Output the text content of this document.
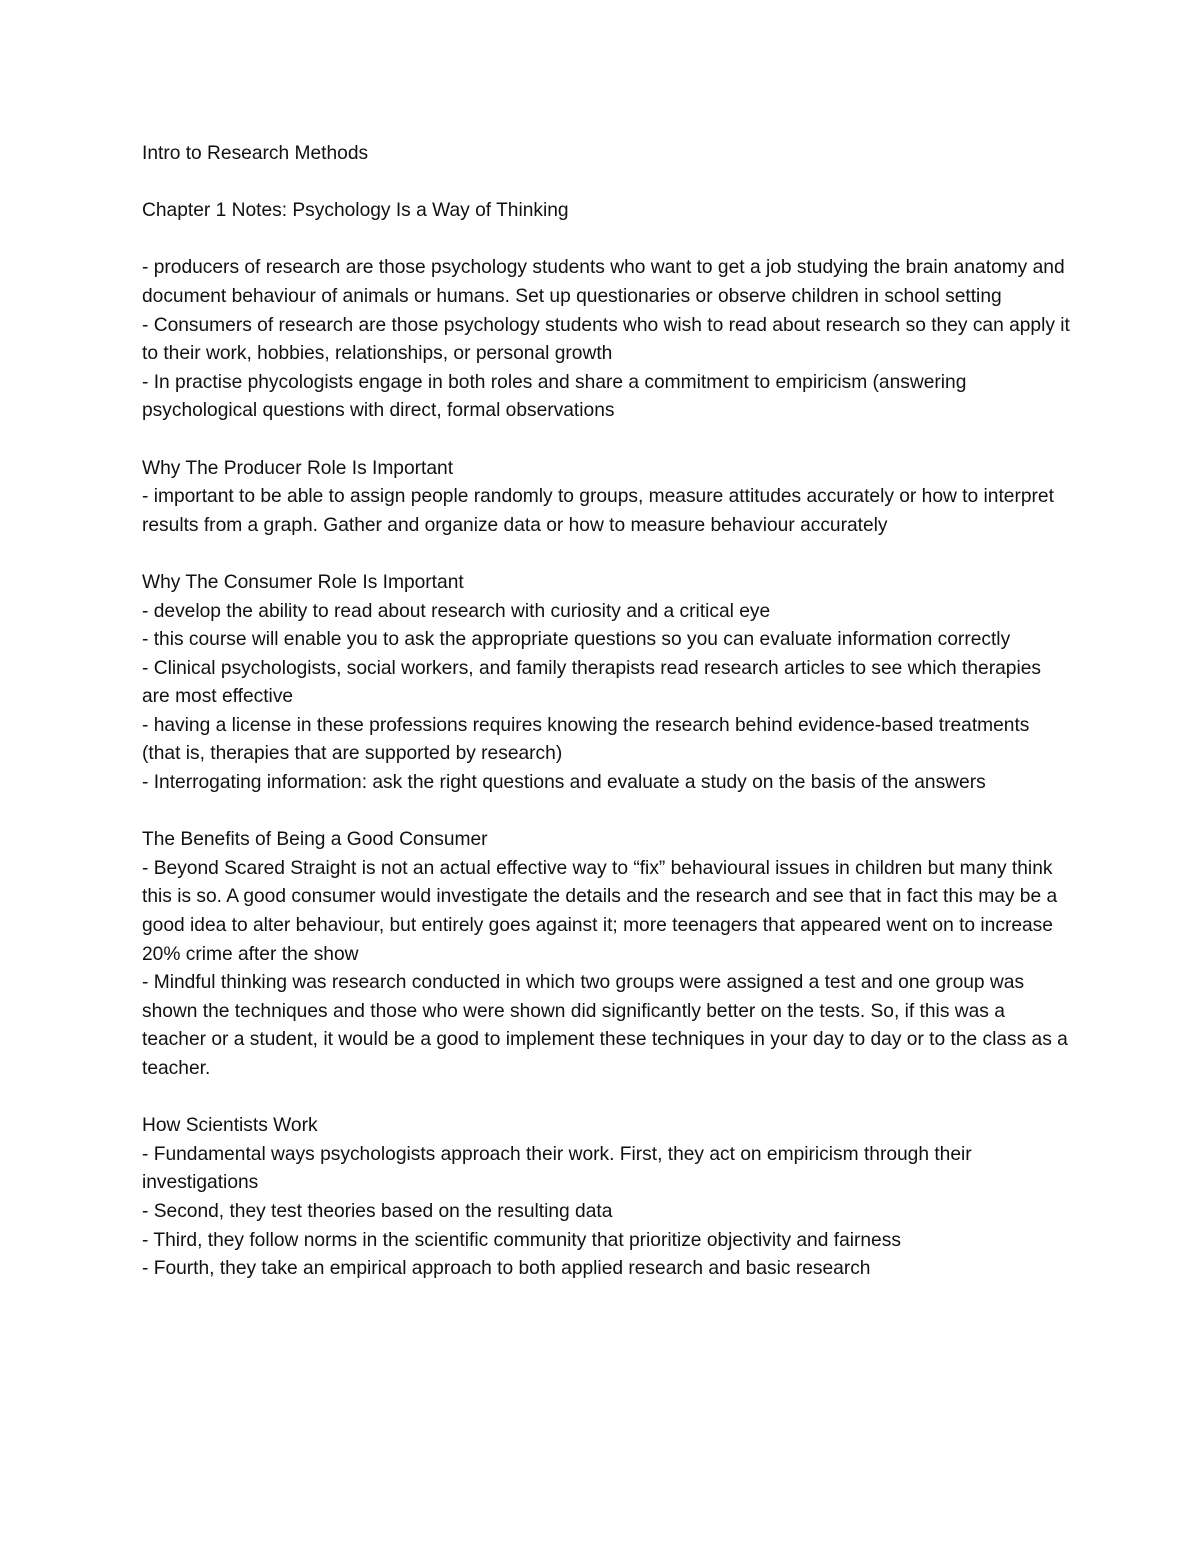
Intro to Research Methods

Chapter 1 Notes: Psychology Is a Way of Thinking

- producers of research are those psychology students who want to get a job studying the brain anatomy and document behaviour of animals or humans. Set up questionaries or observe children in school setting

- Consumers of research are those psychology students who wish to read about research so they can apply it to their work, hobbies, relationships, or personal growth

- In practise phycologists engage in both roles and share a commitment to empiricism (answering psychological questions with direct, formal observations

Why The Producer Role Is Important

- important to be able to assign people randomly to groups, measure attitudes accurately or how to interpret results from a graph. Gather and organize data or how to measure behaviour accurately

Why The Consumer Role Is Important

- develop the ability to read about research with curiosity and a critical eye

- this course will enable you to ask the appropriate questions so you can evaluate information correctly

- Clinical psychologists, social workers, and family therapists read research articles to see which therapies are most effective

- having a license in these professions requires knowing the research behind evidence-based treatments (that is, therapies that are supported by research)

- Interrogating information: ask the right questions and evaluate a study on the basis of the answers

The Benefits of Being a Good Consumer

- Beyond Scared Straight is not an actual effective way to “fix” behavioural issues in children but many think this is so. A good consumer would investigate the details and the research and see that in fact this may be a good idea to alter behaviour, but entirely goes against it; more teenagers that appeared went on to increase 20% crime after the show

- Mindful thinking was research conducted in which two groups were assigned a test and one group was shown the techniques and those who were shown did significantly better on the tests. So, if this was a teacher or a student, it would be a good to implement these techniques in your day to day or to the class as a teacher.

How Scientists Work

- Fundamental ways psychologists approach their work. First, they act on empiricism through their investigations

- Second, they test theories based on the resulting data

- Third, they follow norms in the scientific community that prioritize objectivity and fairness

- Fourth, they take an empirical approach to both applied research and basic research
